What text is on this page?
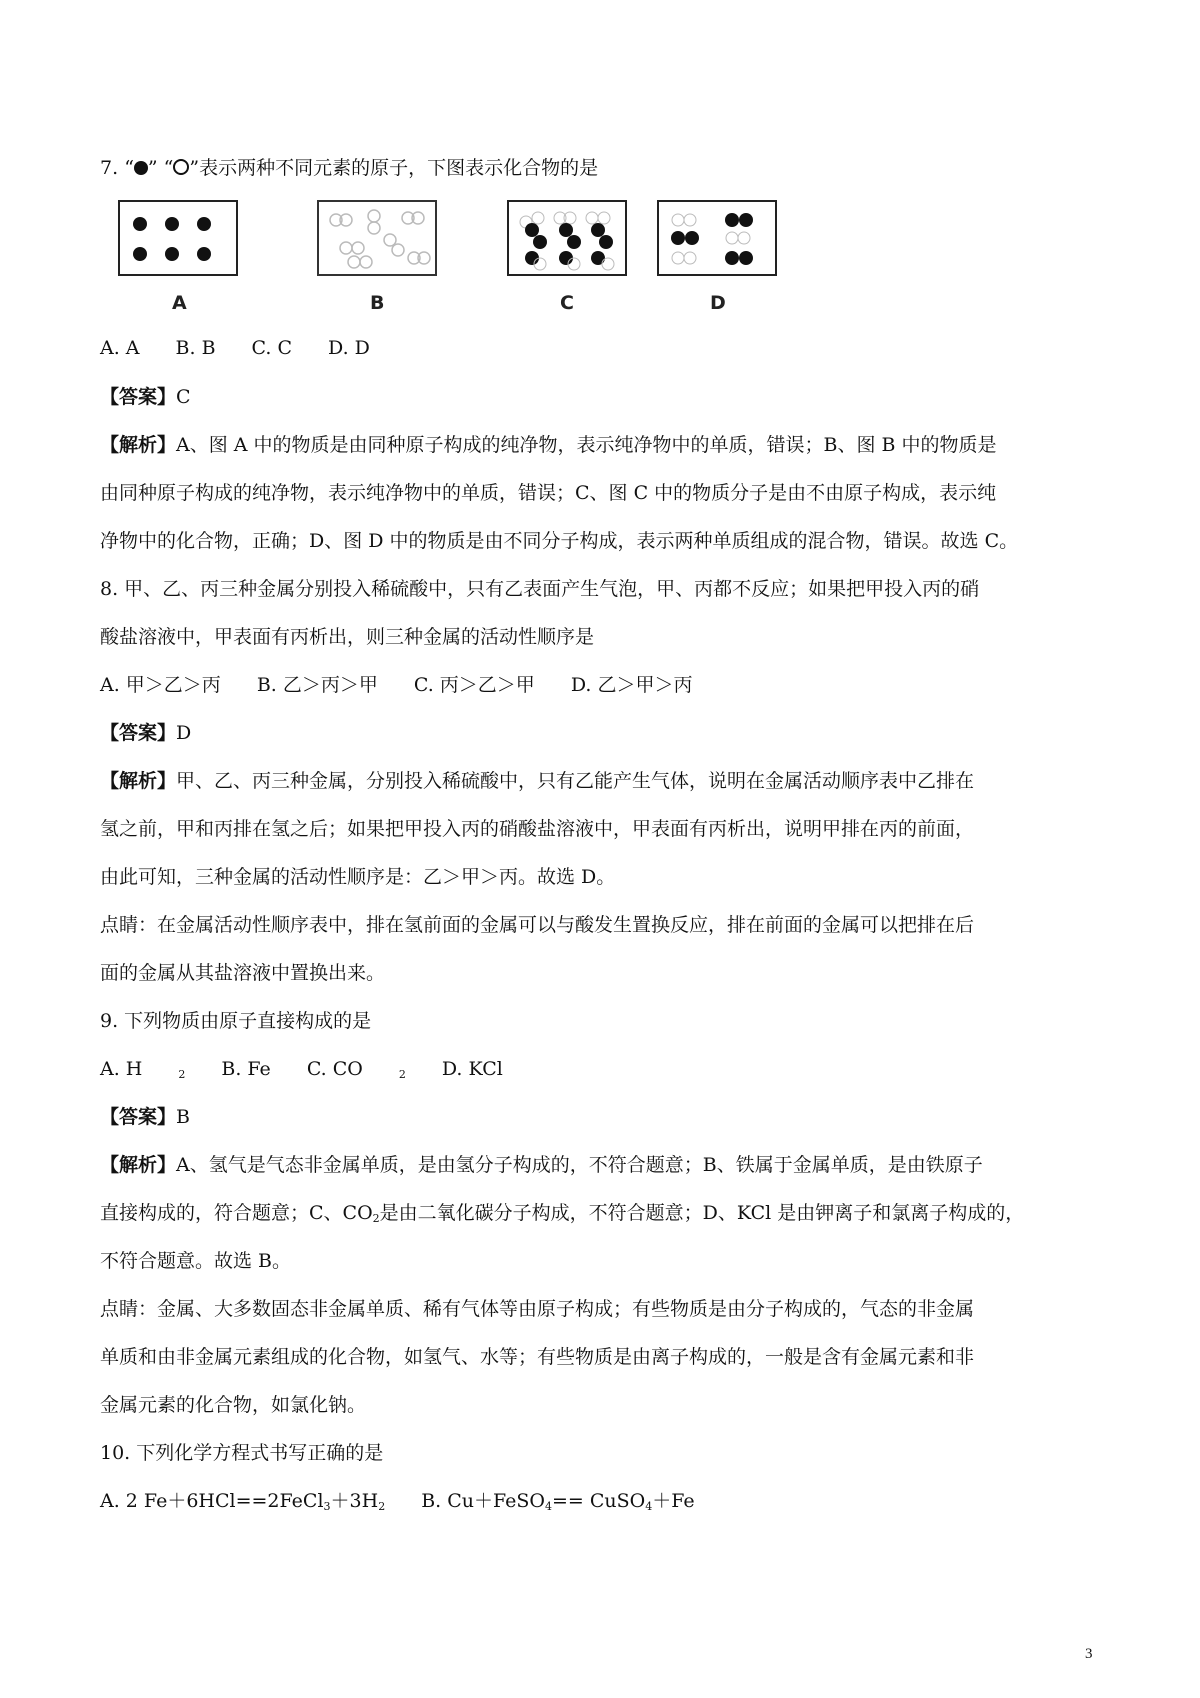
7. “ ” “ ”表示两种不同元素的原子，下图表示化合物的是
A	B	C	D
A. A B. B C. C D. D
【答案】C
【解析】A、图 A 中的物质是由同种原子构成的纯净物，表示纯净物中的单质，错误；B、图 B 中的物质是
由同种原子构成的纯净物，表示纯净物中的单质，错误；C、图 C 中的物质分子是由不由原子构成，表示纯
净物中的化合物，正确；D、图 D 中的物质是由不同分子构成，表示两种单质组成的混合物，错误。故选 C。
8. 甲、乙、丙三种金属分别投入稀硫酸中，只有乙表面产生气泡，甲、丙都不反应；如果把甲投入丙的硝
酸盐溶液中，甲表面有丙析出，则三种金属的活动性顺序是
A. 甲＞乙＞丙 B. 乙＞丙＞甲 C. 丙＞乙＞甲 D. 乙＞甲＞丙
【答案】D
【解析】甲、乙、丙三种金属，分别投入稀硫酸中，只有乙能产生气体，说明在金属活动顺序表中乙排在
氢之前，甲和丙排在氢之后；如果把甲投入丙的硝酸盐溶液中，甲表面有丙析出，说明甲排在丙的前面，
由此可知，三种金属的活动性顺序是：乙＞甲＞丙。故选 D。
点睛：在金属活动性顺序表中，排在氢前面的金属可以与酸发生置换反应，排在前面的金属可以把排在后
面的金属从其盐溶液中置换出来。
9. 下列物质由原子直接构成的是
A. H	$_2$ B. Fe C. CO	$_2$ D. KCl
【答案】B
【解析】A、氢气是气态非金属单质，是由氢分子构成的，不符合题意；B、铁属于金属单质，是由铁原子
直接构成的，符合题意；C、$CO_2$是由二氧化碳分子构成，不符合题意；D、KCl 是由钾离子和氯离子构成的，
不符合题意。故选 B。
点睛：金属、大多数固态非金属单质、稀有气体等由原子构成；有些物质是由分子构成的，气态的非金属
单质和由非金属元素组成的化合物，如氢气、水等；有些物质是由离子构成的，一般是含有金属元素和非
金属元素的化合物，如氯化钠。
10. 下列化学方程式书写正确的是
A. 2 $Fe+6HCl==2FeCl_3+3H_2$ B. Cu＋FeSO$_4$== CuSO$_4$＋Fe
3
